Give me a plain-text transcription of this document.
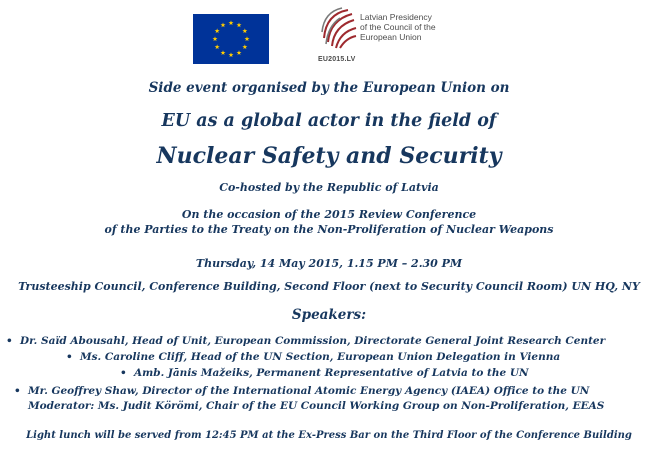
Latvian Presidency
of the Council of the
European Union
EU2015.LV
Side event organised by the European Union on
EU as a global actor in the field of
Nuclear Safety and Security
Co-hosted by the Republic of Latvia
On the occasion of the 2015 Review Conference
of the Parties to the Treaty on the Non-Proliferation of Nuclear Weapons
Thursday, 14 May 2015, 1.15 PM – 2.30 PM
Trusteeship Council, Conference Building, Second Floor (next to Security Council Room) UN HQ, NY
Speakers:
• Dr. Saïd Abousahl, Head of Unit, European Commission, Directorate General Joint Research Center
• Ms. Caroline Cliff, Head of the UN Section, European Union Delegation in Vienna
• Amb. Jānis Mažeiks, Permanent Representative of Latvia to the UN
• Mr. Geoffrey Shaw, Director of the International Atomic Energy Agency (IAEA) Office to the UN
Moderator: Ms. Judit Körömi, Chair of the EU Council Working Group on Non-Proliferation, EEAS
Light lunch will be served from 12:45 PM at the Ex-Press Bar on the Third Floor of the Conference Building
